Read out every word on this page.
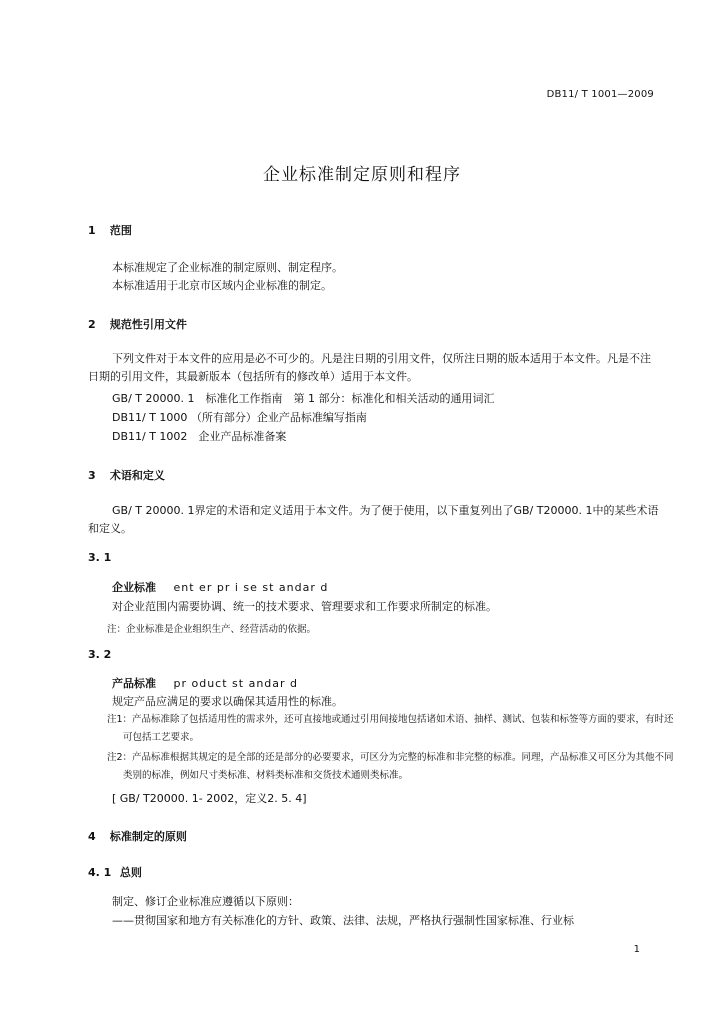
DB11/ T 1001—2009
企业标准制定原则和程序
1 范围
本标准规定了企业标准的制定原则、制定程序。
本标准适用于北京市区域内企业标准的制定。
2 规范性引用文件
下列文件对于本文件的应用是必不可少的。凡是注日期的引用文件，仅所注日期的版本适用于本文件。凡是不注日期的引用文件，其最新版本（包括所有的修改单）适用于本文件。
GB/ T 20000. 1　标准化工作指南　第 1 部分：标准化和相关活动的通用词汇
DB11/ T 1000 （所有部分）企业产品标准编写指南
DB11/ T 1002　企业产品标准备案
3 术语和定义
GB/ T 20000. 1界定的术语和定义适用于本文件。为了便于使用，以下重复列出了GB/ T20000. 1中的某些术语和定义。
3. 1
企业标准 ent er pr i se st andar d
对企业范围内需要协调、统一的技术要求、管理要求和工作要求所制定的标准。
注：企业标准是企业组织生产、经营活动的依据。
3. 2
产品标准 pr oduct st andar d
规定产品应满足的要求以确保其适用性的标准。
注1：产品标准除了包括适用性的需求外，还可直接地或通过引用间接地包括诸如术语、抽样、测试、包装和标签等方面的要求，有时还可包括工艺要求。
注2：产品标准根据其规定的是全部的还是部分的必要要求，可区分为完整的标准和非完整的标准。同理，产品标准又可区分为其他不同类别的标准，例如尺寸类标准、材料类标准和交货技术通则类标准。
[ GB/ T20000. 1- 2002，定义2. 5. 4]
4 标准制定的原则
4. 1 总则
制定、修订企业标准应遵循以下原则：
——贯彻国家和地方有关标准化的方针、政策、法律、法规，严格执行强制性国家标准、行业标
1
